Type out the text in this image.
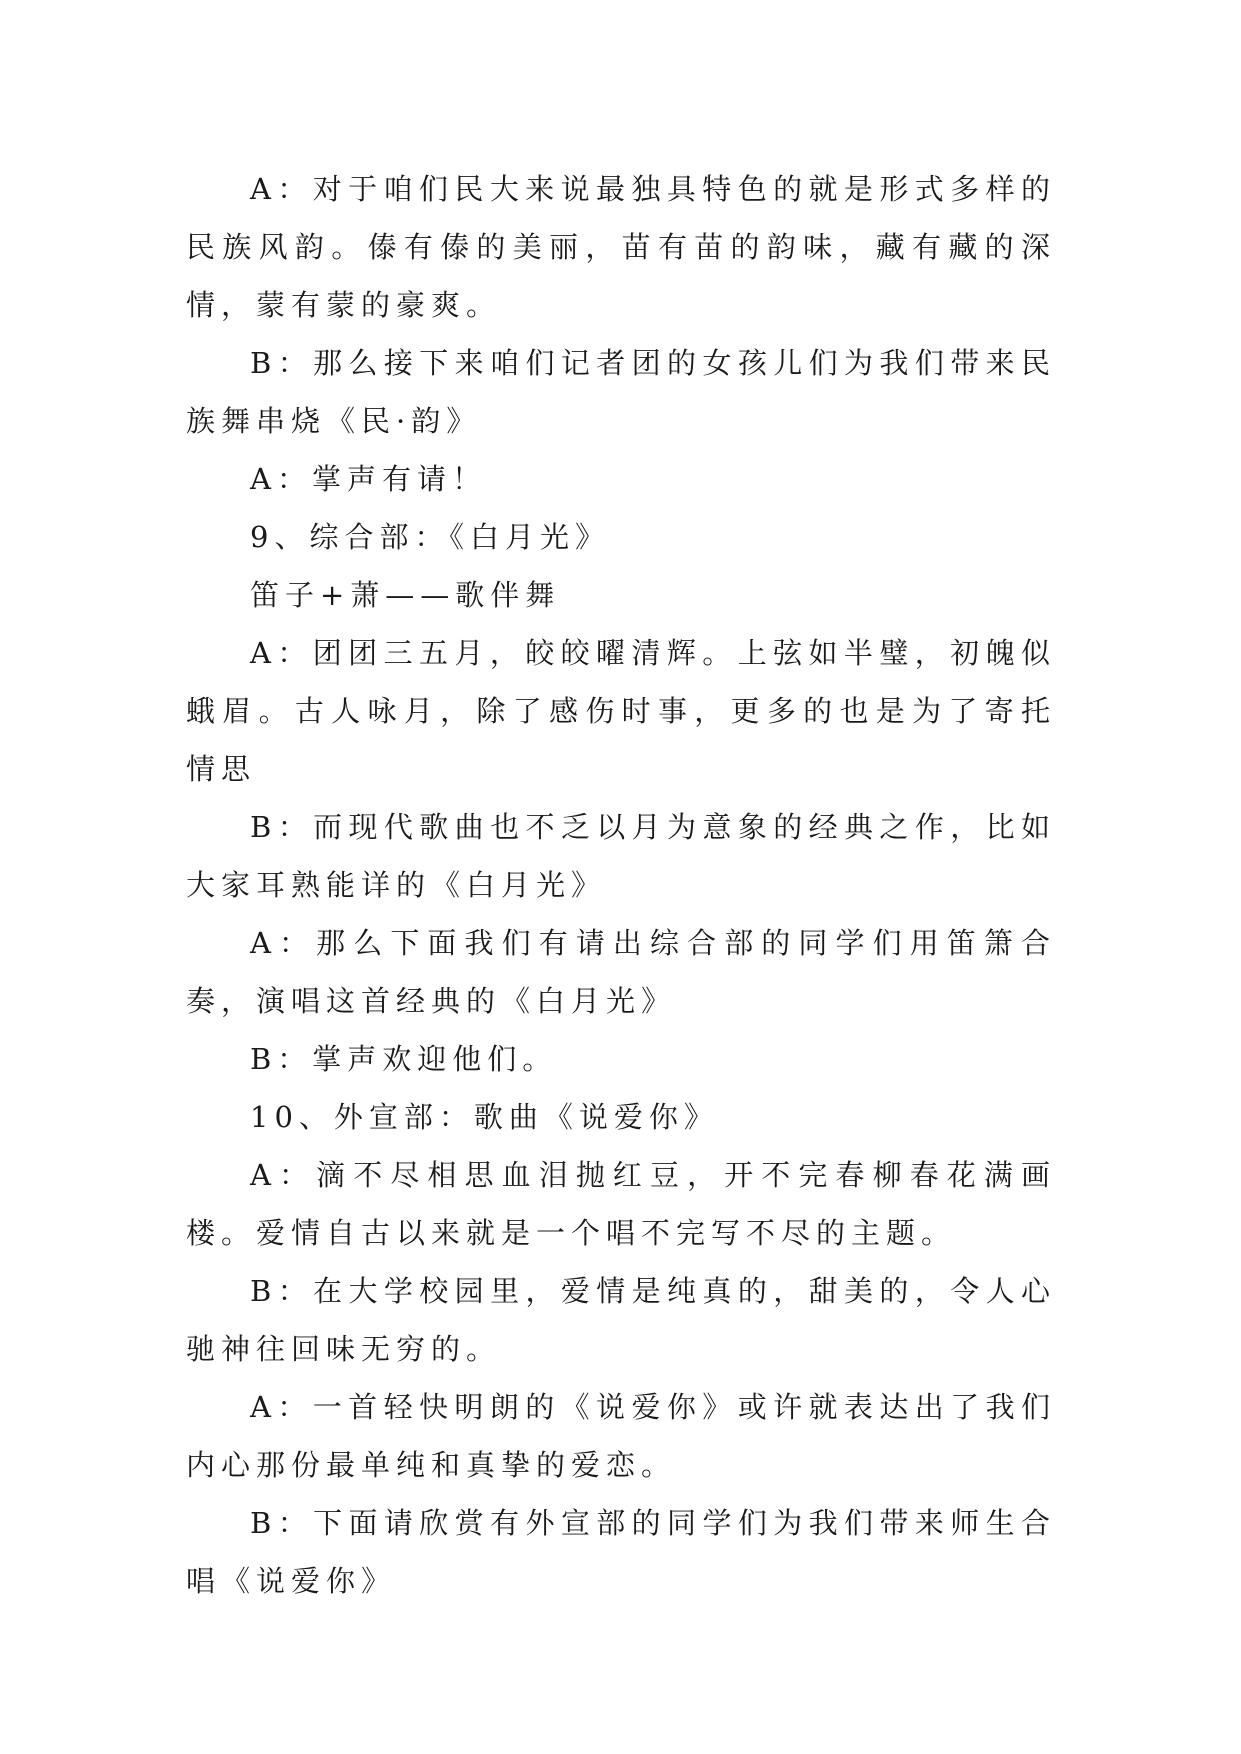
A：对于咱们民大来说最独具特色的就是形式多样的民族风韵。傣有傣的美丽，苗有苗的韵味，藏有藏的深情，蒙有蒙的豪爽。

B：那么接下来咱们记者团的女孩儿们为我们带来民族舞串烧《民·韵》

A：掌声有请！

9、综合部：《白月光》

笛子+萧——歌伴舞

A：团团三五月，皎皎曜清辉。上弦如半璧，初魄似蛾眉。古人咏月，除了感伤时事，更多的也是为了寄托情思

B：而现代歌曲也不乏以月为意象的经典之作，比如大家耳熟能详的《白月光》

A：那么下面我们有请出综合部的同学们用笛箫合奏，演唱这首经典的《白月光》

B：掌声欢迎他们。

10、外宣部：歌曲《说爱你》

A：滴不尽相思血泪抛红豆，开不完春柳春花满画楼。爱情自古以来就是一个唱不完写不尽的主题。

B：在大学校园里，爱情是纯真的，甜美的，令人心驰神往回味无穷的。

A：一首轻快明朗的《说爱你》或许就表达出了我们内心那份最单纯和真挚的爱恋。

B：下面请欣赏有外宣部的同学们为我们带来师生合唱《说爱你》
